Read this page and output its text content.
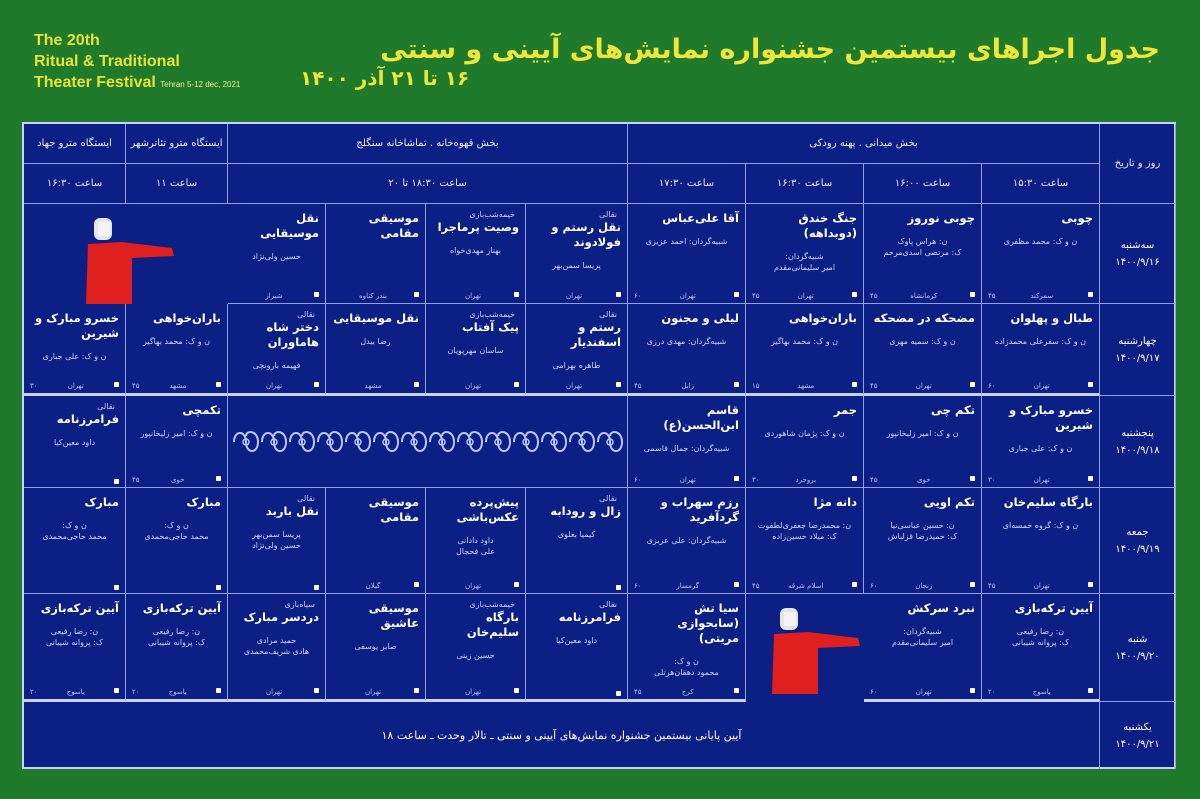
The 20th
Ritual & Traditional
Theater Festival Tehran 5-12 dec, 2021
جدول اجراهای بیستمین جشنواره نمایش‌های آیینی و سنتی
۱۶ تا ۲۱ آذر ۱۴۰۰
روز و تاریخ
بخش میدانی . پهنه رودکی
بخش قهوه‌خانه . تماشاخانه سنگلج
ایستگاه مترو تئاترشهر
ایستگاه مترو جهاد
ساعت ۱۵:۳۰
ساعت ۱۶:۰۰
ساعت ۱۶:۳۰
ساعت ۱۷:۳۰
ساعت ۱۸:۳۰ تا ۲۰
ساعت ۱۱
ساعت ۱۶:۳۰
آیین پایانی بیستمین جشنواره نمایش‌های آیینی و سنتی ـ تالار وحدت ـ ساعت ۱۸
سه‌شنبه
۱۴۰۰/۹/۱۶
چهارشنبه
۱۴۰۰/۹/۱۷
پنجشنبه
۱۴۰۰/۹/۱۸
جمعه
۱۴۰۰/۹/۱۹
شنبه
۱۴۰۰/۹/۲۰
یکشنبه
۱۴۰۰/۹/۲۱
چوبی
ن و ک: محمد مظفری
سمرکند
۴۵
چوبی نوروز
ن: هراس پاوک
ک: مرتضی اسدی‌مرحم
کرمانشاه
۴۵
جنگ خندق (دوبداهه)
شبیه‌گردان:
امیر سلیمانی‌مقدم
تهران
۴۵
آقا علی‌عباس
شبیه‌گردان: احمد عزیزی
تهران
۶۰
نقالی
نقل رستم و فولادوند
پریسا سمن‌بهر
تهران
خیمه‌شب‌بازی
وصیت پرماجرا
بهناز مهدی‌خواه
تهران
موسیقی مقامی
بندر کناوه
نقل موسیقایی
حسین ولی‌نژاد
شیراز
طبال و پهلوان
ن و ک: سفرعلی محمدزاده
تهران
۶۰
مضحکه در مضحکه
ن و ک: سمیه مهری
تهران
۴۵
باران‌خواهی
ن و ک: محمد بهاگیر
مشهد
۱۵
لیلی و مجنون
شبیه‌گردان: مهدی درزی
زابل
۴۵
نقالی
رستم و اسفندیار
طاهره بهرامی
تهران
خیمه‌شب‌بازی
پیک آفتاب
ساسان مهرپویان
تهران
نقل موسیقایی
رضا بیدل
مشهد
نقالی
دختر شاه هاماوران
فهیمه بارونچی
تهران
باران‌خواهی
ن و ک: محمد بهاگیر
مشهد
۴۵
خسرو مبارک و شیرین
ن و ک: علی جباری
تهران
۳۰
خسرو مبارک و شیرین
ن و ک: علی جباری
تهران
۳۰
تکم چی
ن و ک: امیر زلیخانپور
خوی
۴۵
جمر
ن و ک: پژمان شاهوردی
بروجرد
۳۰
قاسم ابن‌الحسن(ع)
شبیه‌گردان: جمال قاسمی
تهران
۶۰
تکمچی
ن و ک: امیر زلیخانپور
خوی
۴۵
نقالی
فرامرزنامه
داود معین‌کیا
بارگاه سلیم‌خان
ن و ک: گروه خمسه‌ای
تهران
۴۵
تکم اویی
ن: حسین عباسی‌نیا
ک: حمیدرضا قزلباش
زنجان
۶۰
دانه مژا
ن: محمدرضا جعفری‌لطفوت
ک: میلاد حسین‌زاده
اسلام شرقه
۴۵
رزم سهراب و گردآفرید
شبیه‌گردان: علی عزیزی
گرمسار
۶۰
نقالی
زال و رودابه
کیمیا بعلوی
پیش‌پرده عکس‌باشی
داود دادانی
علی فحجال
تهران
موسیقی مقامی
گیلان
نقالی
نقل باربد
پریسا سمن‌بهر
حسین ولی‌نژاد
مبارک
ن و ک:
محمد حاجی‌محمدی
مبارک
ن و ک:
محمد حاجی‌محمدی
آیین ترکه‌بازی
ن: رضا رفیعی
ک: پروانه شیبانی
یاسوج
۲۰
نبرد سرکش
شبیه‌گردان:
امیر سلیمانی‌مقدم
تهران
۶۰
سیا تش (سابحوازی مریتی)
ن و ک:
محمود دهقان‌هرتلی
کرج
۴۵
نقالی
فرامرزنامه
داود معین‌کیا
خیمه‌شب‌بازی
بارگاه سلیم‌خان
حسین زینی
تهران
موسیقی عاشیق
صابر یوسفی
تهران
سیاه‌بازی
دردسر مبارک
حمید مرادی
هادی شریف‌محمدی
تهران
آیین ترکه‌بازی
ن: رضا رفیعی
ک: پروانه شیبانی
یاسوج
۲۰
آیین ترکه‌بازی
ن: رضا رفیعی
ک: پروانه شیبانی
یاسوج
۲۰
